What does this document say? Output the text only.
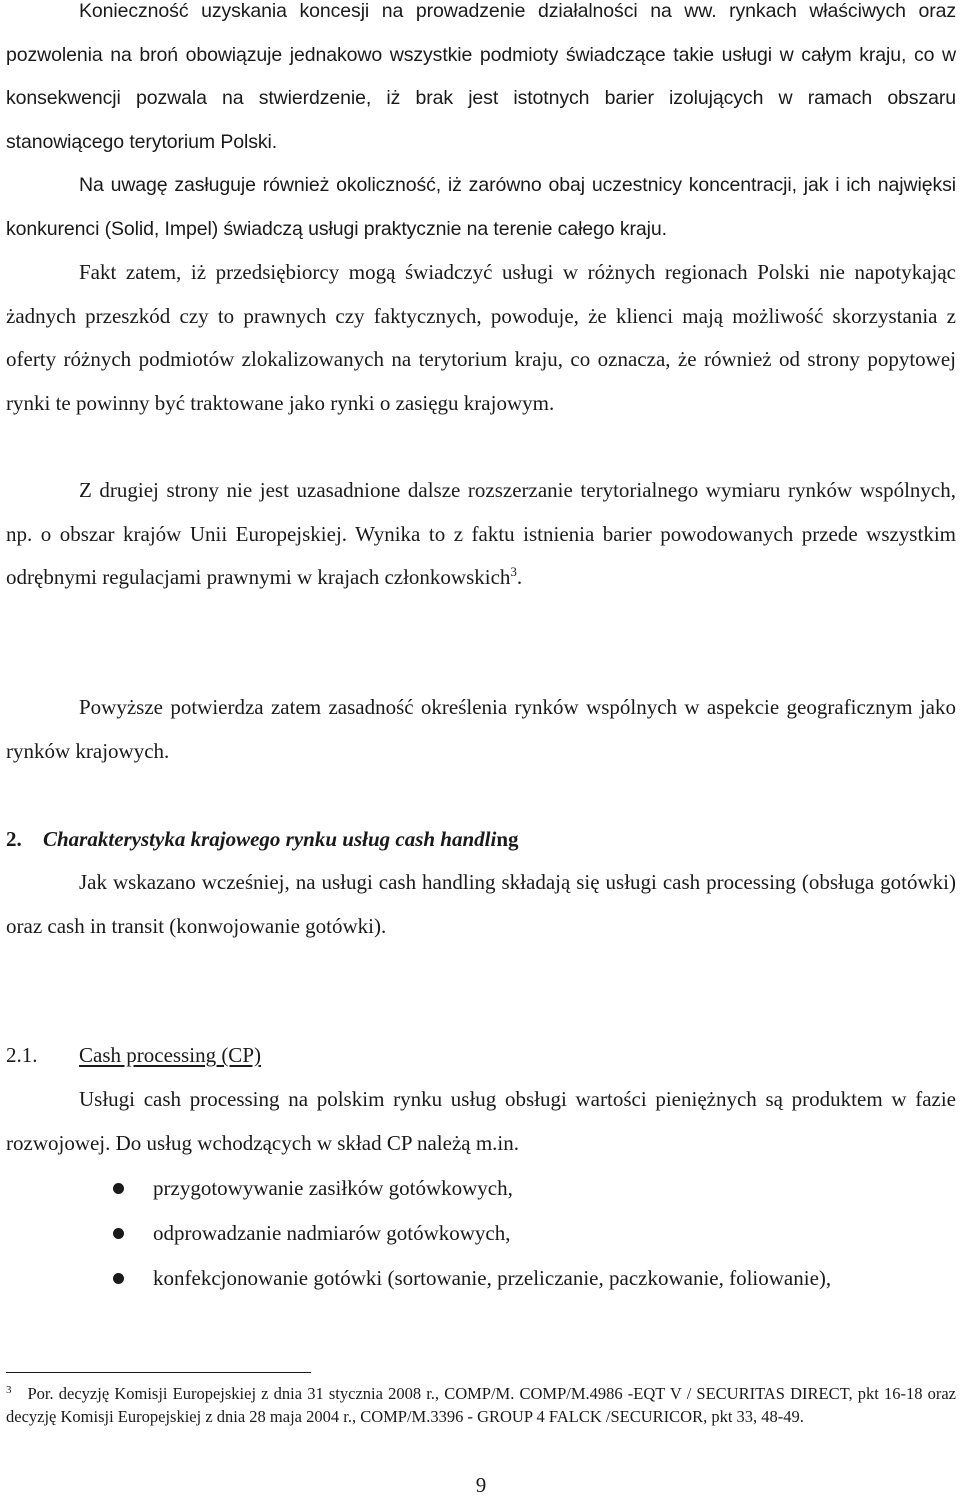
Konieczność uzyskania koncesji na prowadzenie działalności na ww. rynkach właściwych oraz pozwolenia na broń obowiązuje jednakowo wszystkie podmioty świadczące takie usługi w całym kraju, co w konsekwencji pozwala na stwierdzenie, iż brak jest istotnych barier izolujących w ramach obszaru stanowiącego terytorium Polski.

Na uwagę zasługuje również okoliczność, iż zarówno obaj uczestnicy koncentracji, jak i ich najwięksi konkurenci (Solid, Impel) świadczą usługi praktycznie na terenie całego kraju.

Fakt zatem, iż przedsiębiorcy mogą świadczyć usługi w różnych regionach Polski nie napotykając żadnych przeszkód czy to prawnych czy faktycznych, powoduje, że klienci mają możliwość skorzystania z oferty różnych podmiotów zlokalizowanych na terytorium kraju, co oznacza, że również od strony popytowej rynki te powinny być traktowane jako rynki o zasięgu krajowym.

Z drugiej strony nie jest uzasadnione dalsze rozszerzanie terytorialnego wymiaru rynków wspólnych, np. o obszar krajów Unii Europejskiej. Wynika to z faktu istnienia barier powodowanych przede wszystkim odrębnymi regulacjami prawnymi w krajach członkowskich$^3$.

Powyższe potwierdza zatem zasadność określenia rynków wspólnych w aspekcie geograficznym jako rynków krajowych.

2. Charakterystyka krajowego rynku usług cash handling

Jak wskazano wcześniej, na usługi cash handling składają się usługi cash processing (obsługa gotówki) oraz cash in transit (konwojowanie gotówki).

2.1. Cash processing (CP)

Usługi cash processing na polskim rynku usług obsługi wartości pieniężnych są produktem w fazie rozwojowej. Do usług wchodzących w skład CP należą m.in.

przygotowywanie zasiłków gotówkowych,
odprowadzanie nadmiarów gotówkowych,
konfekcjonowanie gotówki (sortowanie, przeliczanie, paczkowanie, foliowanie),

$^3$ Por. decyzję Komisji Europejskiej z dnia 31 stycznia 2008 r., COMP/M. COMP/M.4986 -EQT V / SECURITAS DIRECT, pkt 16-18 oraz decyzję Komisji Europejskiej z dnia 28 maja 2004 r., COMP/M.3396 - GROUP 4 FALCK /SECURICOR, pkt 33, 48-49.

9
